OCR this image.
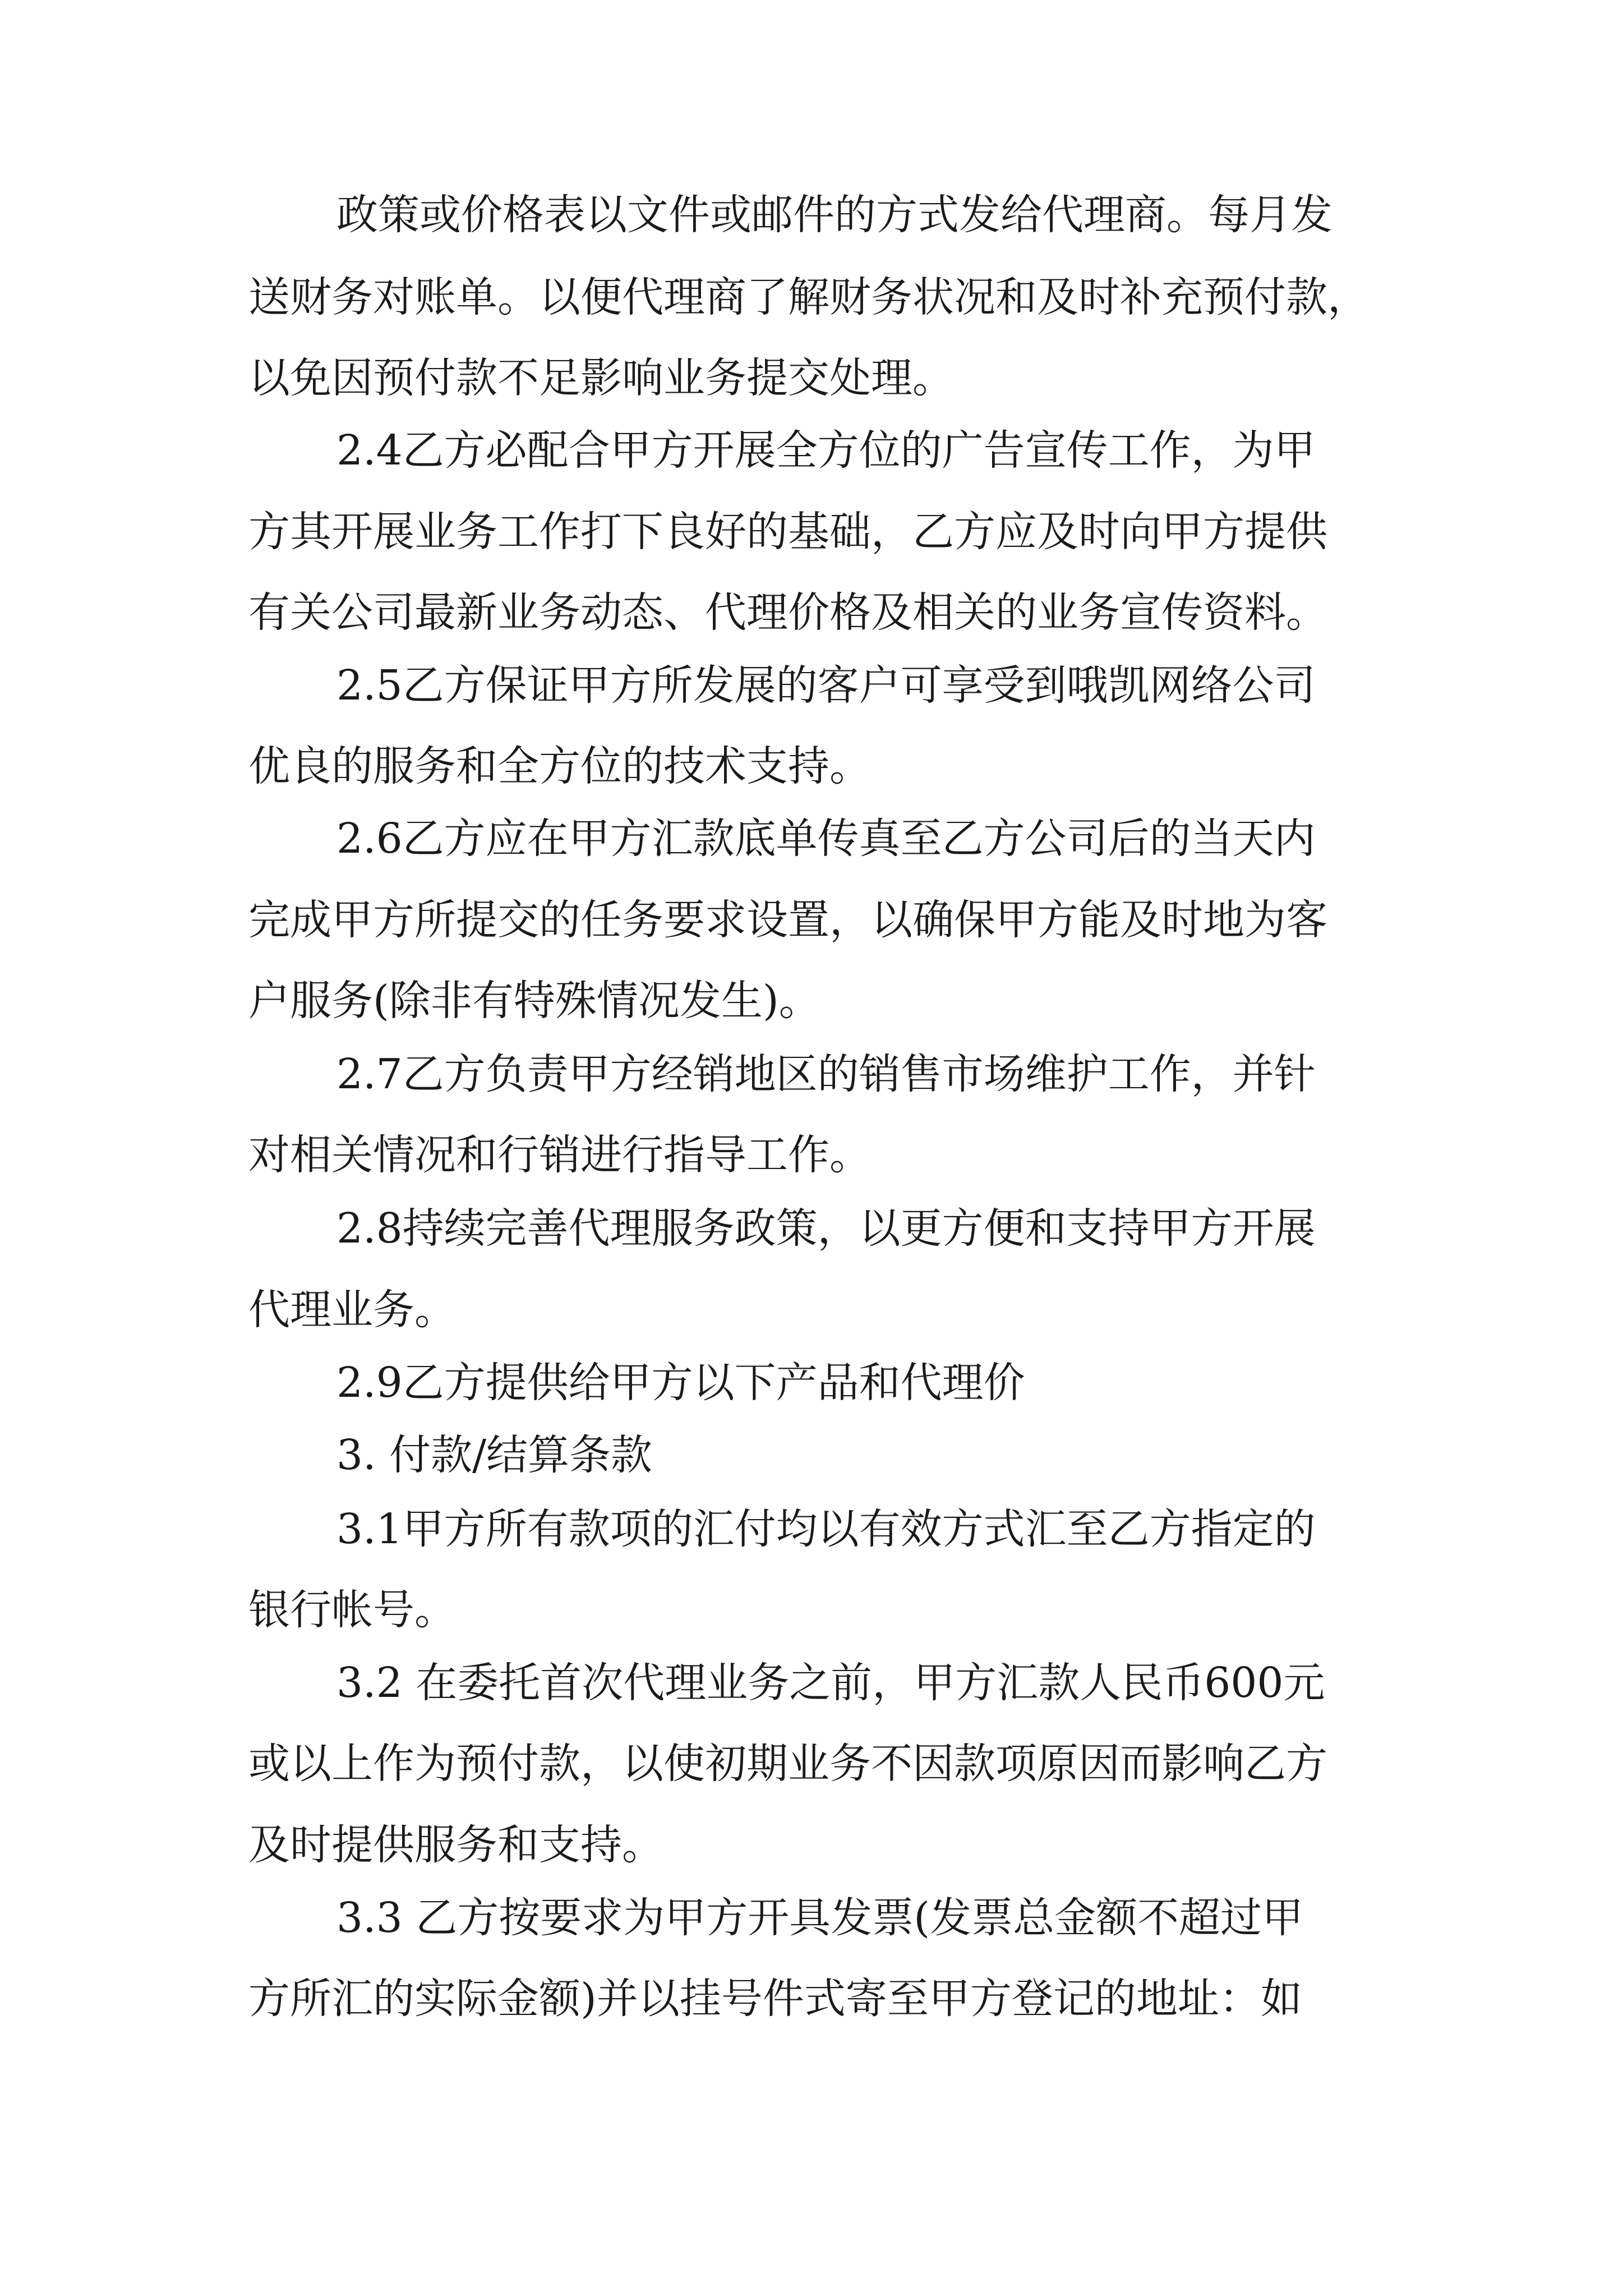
政策或价格表以文件或邮件的方式发给代理商。每月发

送财务对账单。以便代理商了解财务状况和及时补充预付款，

以免因预付款不足影响业务提交处理。

2.4乙方必配合甲方开展全方位的广告宣传工作，为甲

方其开展业务工作打下良好的基础，乙方应及时向甲方提供

有关公司最新业务动态、代理价格及相关的业务宣传资料。

2.5乙方保证甲方所发展的客户可享受到哦凯网络公司

优良的服务和全方位的技术支持。

2.6乙方应在甲方汇款底单传真至乙方公司后的当天内

完成甲方所提交的任务要求设置，以确保甲方能及时地为客

户服务(除非有特殊情况发生)。

2.7乙方负责甲方经销地区的销售市场维护工作，并针

对相关情况和行销进行指导工作。

2.8持续完善代理服务政策，以更方便和支持甲方开展

代理业务。

2.9乙方提供给甲方以下产品和代理价

3. 付款/结算条款

3.1甲方所有款项的汇付均以有效方式汇至乙方指定的

银行帐号。

3.2 在委托首次代理业务之前，甲方汇款人民币600元

或以上作为预付款，以使初期业务不因款项原因而影响乙方

及时提供服务和支持。

3.3 乙方按要求为甲方开具发票(发票总金额不超过甲

方所汇的实际金额)并以挂号件式寄至甲方登记的地址：如
